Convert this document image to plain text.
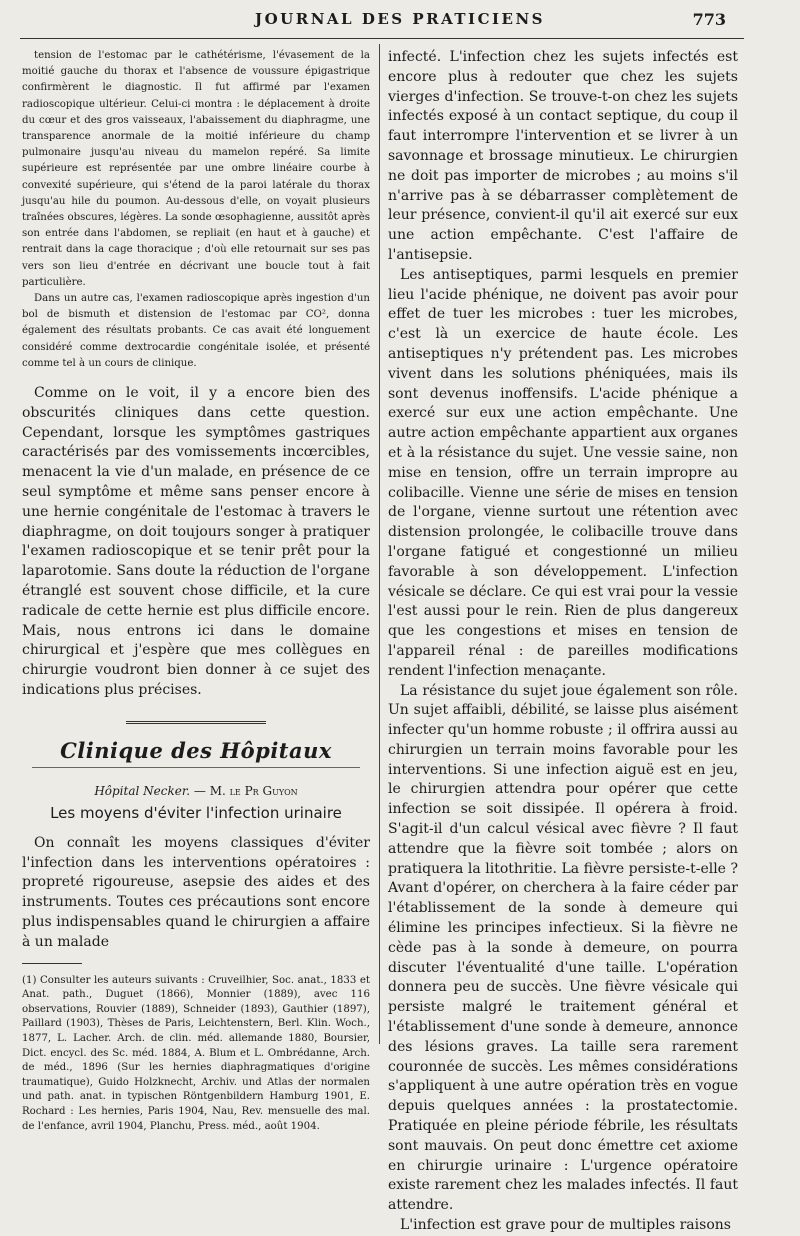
JOURNAL DES PRATICIENS	773

tension de l'estomac par le cathétérisme, l'évasement de la moitié gauche du thorax et l'absence de voussure épigastrique confirmèrent le diagnostic. Il fut affirmé par l'examen radioscopique ultérieur. Celui-ci montra : le déplacement à droite du cœur et des gros vaisseaux, l'abaissement du diaphragme, une transparence anormale de la moitié inférieure du champ pulmonaire jusqu'au niveau du mamelon repéré. Sa limite supérieure est représentée par une ombre linéaire courbe à convexité supérieure, qui s'étend de la paroi latérale du thorax jusqu'au hile du poumon. Au-dessous d'elle, on voyait plusieurs traînées obscures, légères. La sonde œsophagienne, aussitôt après son entrée dans l'abdomen, se repliait (en haut et à gauche) et rentrait dans la cage thoracique ; d'où elle retournait sur ses pas vers son lieu d'entrée en décrivant une boucle tout à fait particulière.

Dans un autre cas, l'examen radioscopique après ingestion d'un bol de bismuth et distension de l'estomac par CO², donna également des résultats probants. Ce cas avait été longuement considéré comme dextrocardie congénitale isolée, et présenté comme tel à un cours de clinique.

Comme on le voit, il y a encore bien des obscurités cliniques dans cette question. Cependant, lorsque les symptômes gastriques caractérisés par des vomissements incœrcibles, menacent la vie d'un malade, en présence de ce seul symptôme et même sans penser encore à une hernie congénitale de l'estomac à travers le diaphragme, on doit toujours songer à pratiquer l'examen radioscopique et se tenir prêt pour la laparotomie. Sans doute la réduction de l'organe étranglé est souvent chose difficile, et la cure radicale de cette hernie est plus difficile encore. Mais, nous entrons ici dans le domaine chirurgical et j'espère que mes collègues en chirurgie voudront bien donner à ce sujet des indications plus précises.

Clinique des Hôpitaux
Hôpital Necker. — M. le Pr Guyon
Les moyens d'éviter l'infection urinaire

On connaît les moyens classiques d'éviter l'infection dans les interventions opératoires : propreté rigoureuse, asepsie des aides et des instruments. Toutes ces précautions sont encore plus indispensables quand le chirurgien a affaire à un malade

(1) Consulter les auteurs suivants : Cruveilhier, Soc. anat., 1833 et Anat. path., Duguet (1866), Monnier (1889), avec 116 observations, Rouvier (1889), Schneider (1893), Gauthier (1897), Paillard (1903), Thèses de Paris, Leichtenstern, Berl. Klin. Woch., 1877, L. Lacher. Arch. de clin. méd. allemande 1880, Boursier, Dict. encycl. des Sc. méd. 1884, A. Blum et L. Ombrédanne, Arch. de méd., 1896 (Sur les hernies diaphragmatiques d'origine traumatique), Guido Holzknecht, Archiv. und Atlas der normalen und path. anat. in typischen Röntgenbildern Hamburg 1901, E. Rochard : Les hernies, Paris 1904, Nau, Rev. mensuelle des mal. de l'enfance, avril 1904, Planchu, Press. méd., août 1904.

infecté. L'infection chez les sujets infectés est encore plus à redouter que chez les sujets vierges d'infection. Se trouve-t-on chez les sujets infectés exposé à un contact septique, du coup il faut interrompre l'intervention et se livrer à un savonnage et brossage minutieux. Le chirurgien ne doit pas importer de microbes ; au moins s'il n'arrive pas à se débarrasser complètement de leur présence, convient-il qu'il ait exercé sur eux une action empêchante. C'est l'affaire de l'antisepsie.

Les antiseptiques, parmi lesquels en premier lieu l'acide phénique, ne doivent pas avoir pour effet de tuer les microbes : tuer les microbes, c'est là un exercice de haute école. Les antiseptiques n'y prétendent pas. Les microbes vivent dans les solutions phéniquées, mais ils sont devenus inoffensifs. L'acide phénique a exercé sur eux une action empêchante. Une autre action empêchante appartient aux organes et à la résistance du sujet. Une vessie saine, non mise en tension, offre un terrain impropre au colibacille. Vienne une série de mises en tension de l'organe, vienne surtout une rétention avec distension prolongée, le colibacille trouve dans l'organe fatigué et congestionné un milieu favorable à son développement. L'infection vésicale se déclare. Ce qui est vrai pour la vessie l'est aussi pour le rein. Rien de plus dangereux que les congestions et mises en tension de l'appareil rénal : de pareilles modifications rendent l'infection menaçante.

La résistance du sujet joue également son rôle. Un sujet affaibli, débilité, se laisse plus aisément infecter qu'un homme robuste ; il offrira aussi au chirurgien un terrain moins favorable pour les interventions. Si une infection aiguë est en jeu, le chirurgien attendra pour opérer que cette infection se soit dissipée. Il opérera à froid. S'agit-il d'un calcul vésical avec fièvre ? Il faut attendre que la fièvre soit tombée ; alors on pratiquera la litothritie. La fièvre persiste-t-elle ? Avant d'opérer, on cherchera à la faire céder par l'établissement de la sonde à demeure qui élimine les principes infectieux. Si la fièvre ne cède pas à la sonde à demeure, on pourra discuter l'éventualité d'une taille. L'opération donnera peu de succès. Une fièvre vésicale qui persiste malgré le traitement général et l'établissement d'une sonde à demeure, annonce des lésions graves. La taille sera rarement couronnée de succès. Les mêmes considérations s'appliquent à une autre opération très en vogue depuis quelques années : la prostatectomie. Pratiquée en pleine période fébrile, les résultats sont mauvais. On peut donc émettre cet axiome en chirurgie urinaire : L'urgence opératoire existe rarement chez les malades infectés. Il faut attendre.

L'infection est grave pour de multiples raisons
